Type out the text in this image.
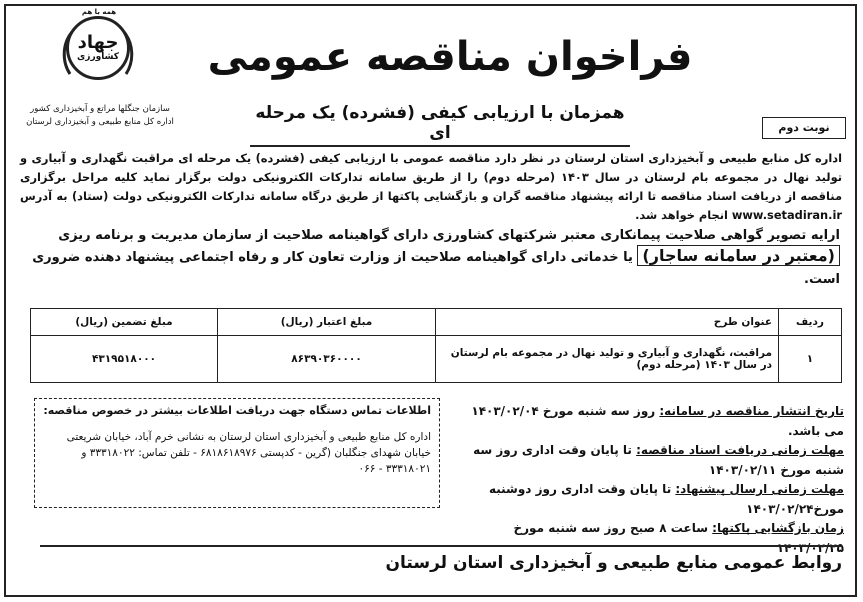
همه با هم
جهاد
کشاورزی
سازمان جنگلها مراتع و آبخیزداری کشور
اداره کل منابع طبیعی و آبخیزداری لرستان
فراخوان مناقصه عمومی
همزمان با ارزیابی کیفی (فشرده) یک مرحله ای	نوبت دوم
اداره کل منابع طبیعی و آبخیزداری استان لرستان در نظر دارد مناقصه عمومی با ارزیابی کیفی (فشرده) یک مرحله ای مراقبت نگهداری و آبیاری و تولید نهال در مجموعه بام لرستان در سال ۱۴۰۳ (مرحله دوم) را از طریق سامانه تدارکات الکترونیکی دولت برگزار نماید کلیه مراحل برگزاری مناقصه از دریافت اسناد مناقصه تا ارائه پیشنهاد مناقصه گران و بازگشایی پاکتها از طریق درگاه سامانه تدارکات الکترونیکی دولت (ستاد) به آدرس www.setadiran.ir انجام خواهد شد.
ارایه تصویر گواهی صلاحیت پیمانکاری معتبر شرکتهای کشاورزی دارای گواهینامه صلاحیت از سازمان مدیریت و برنامه ریزی
(معتبر در سامانه ساجار) یا خدماتی دارای گواهینامه صلاحیت از وزارت تعاون کار و رفاه اجتماعی پیشنهاد دهنده ضروری است.
ردیف	عنوان طرح	مبلغ اعتبار (ریال)	مبلغ تضمین (ریال)
۱	مراقبت، نگهداری و آبیاری و تولید نهال در مجموعه بام لرستان در سال ۱۴۰۳ (مرحله دوم)	۸۶۳۹۰۳۶۰۰۰۰	۴۳۱۹۵۱۸۰۰۰
تاریخ انتشار مناقصه در سامانه: روز سه شنبه مورخ ۱۴۰۳/۰۲/۰۴ می باشد.
مهلت زمانی دریافت اسناد مناقصه: تا پایان وقت اداری روز سه شنبه مورخ ۱۴۰۳/۰۲/۱۱
مهلت زمانی ارسال پیشنهاد: تا پایان وقت اداری روز دوشنبه مورخ۱۴۰۳/۰۲/۲۴
زمان بازگشایی پاکتها: ساعت ۸ صبح روز سه شنبه مورخ ۱۴۰۳/۰۲/۲۵
اطلاعات تماس دستگاه جهت دریافت اطلاعات بیشتر در خصوص مناقصه:
اداره کل منابع طبیعی و آبخیزداری استان لرستان به نشانی خرم آباد، خیابان شریعتی خیابان شهدای جنگلبان (گرین - کدپستی ۶۸۱۸۶۱۸۹۷۶ - تلفن تماس: ۳۳۳۱۸۰۲۲ و ۳۳۳۱۸۰۲۱ - ۰۶۶
روابط عمومی منابع طبیعی و آبخیزداری استان لرستان
